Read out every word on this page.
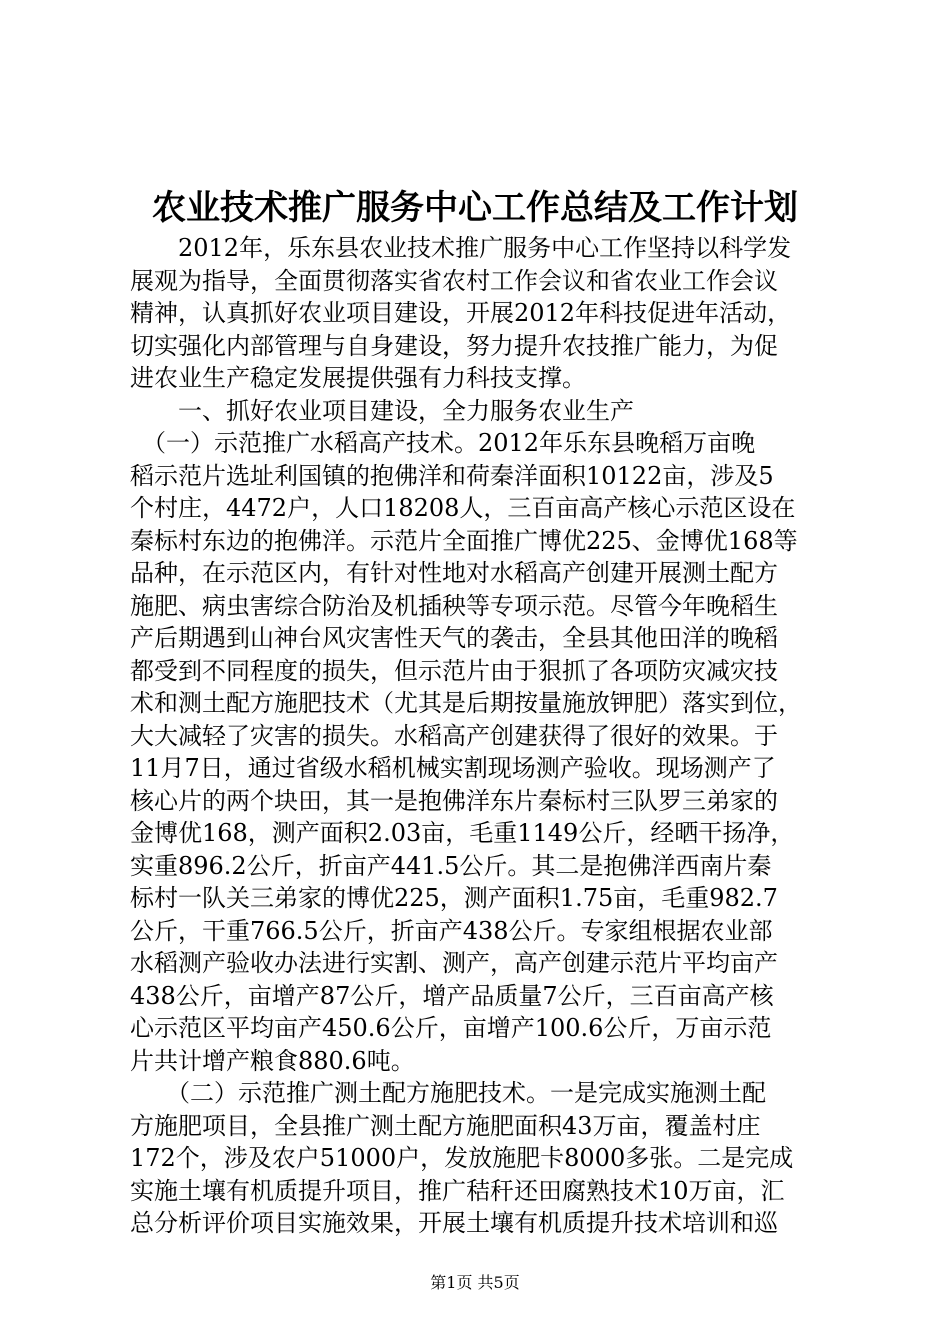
农业技术推广服务中心工作总结及工作计划
　　2012年，乐东县农业技术推广服务中心工作坚持以科学发
展观为指导，全面贯彻落实省农村工作会议和省农业工作会议
精神，认真抓好农业项目建设，开展2012年科技促进年活动，
切实强化内部管理与自身建设，努力提升农技推广能力，为促
进农业生产稳定发展提供强有力科技支撑。
　　一、抓好农业项目建设，全力服务农业生产
　（一）示范推广水稻高产技术。2012年乐东县晚稻万亩晚
稻示范片选址利国镇的抱佛洋和荷秦洋面积10122亩，涉及5
个村庄，4472户，人口18208人，三百亩高产核心示范区设在
秦标村东边的抱佛洋。示范片全面推广博优225、金博优168等
品种，在示范区内，有针对性地对水稻高产创建开展测土配方
施肥、病虫害综合防治及机插秧等专项示范。尽管今年晚稻生
产后期遇到山神台风灾害性天气的袭击，全县其他田洋的晚稻
都受到不同程度的损失，但示范片由于狠抓了各项防灾减灾技
术和测土配方施肥技术（尤其是后期按量施放钾肥）落实到位，
大大减轻了灾害的损失。水稻高产创建获得了很好的效果。于
11月7日，通过省级水稻机械实割现场测产验收。现场测产了
核心片的两个块田，其一是抱佛洋东片秦标村三队罗三弟家的
金博优168，测产面积2.03亩，毛重1149公斤，经晒干扬净，
实重896.2公斤，折亩产441.5公斤。其二是抱佛洋西南片秦
标村一队关三弟家的博优225，测产面积1.75亩，毛重982.7
公斤，干重766.5公斤，折亩产438公斤。专家组根据农业部
水稻测产验收办法进行实割、测产，高产创建示范片平均亩产
438公斤，亩增产87公斤，增产品质量7公斤，三百亩高产核
心示范区平均亩产450.6公斤，亩增产100.6公斤，万亩示范
片共计增产粮食880.6吨。
　　（二）示范推广测土配方施肥技术。一是完成实施测土配
方施肥项目，全县推广测土配方施肥面积43万亩，覆盖村庄
172个，涉及农户51000户，发放施肥卡8000多张。二是完成
实施土壤有机质提升项目，推广秸秆还田腐熟技术10万亩，汇
总分析评价项目实施效果，开展土壤有机质提升技术培训和巡
第1页 共5页
